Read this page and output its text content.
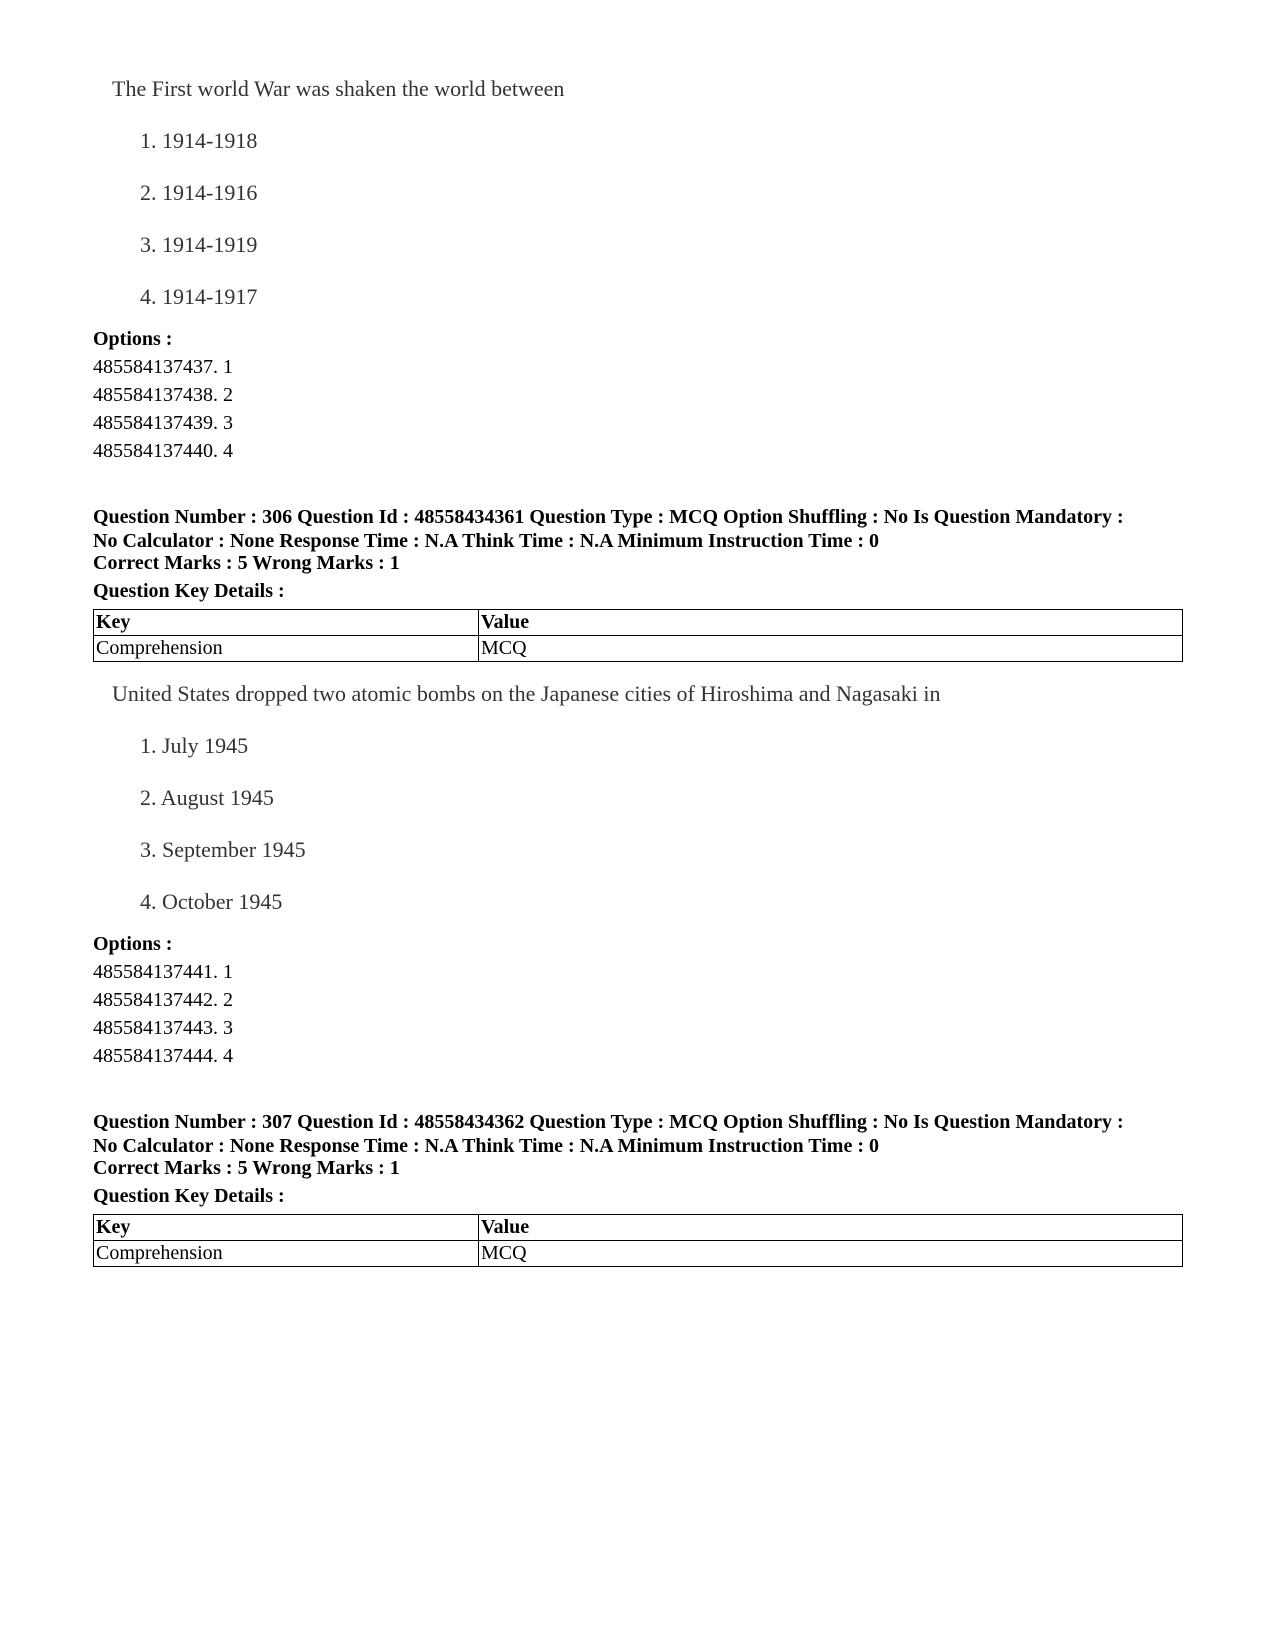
The First world War was shaken the world between
1. 1914-1918
2. 1914-1916
3. 1914-1919
4. 1914-1917
Options :
485584137437. 1
485584137438. 2
485584137439. 3
485584137440. 4
Question Number : 306 Question Id : 48558434361 Question Type : MCQ Option Shuffling : No Is Question Mandatory :
No Calculator : None Response Time : N.A Think Time : N.A Minimum Instruction Time : 0
Correct Marks : 5 Wrong Marks : 1
Question Key Details :
Key	Value
Comprehension	MCQ
United States dropped two atomic bombs on the Japanese cities of Hiroshima and Nagasaki in
1. July 1945
2. August 1945
3. September 1945
4. October 1945
Options :
485584137441. 1
485584137442. 2
485584137443. 3
485584137444. 4
Question Number : 307 Question Id : 48558434362 Question Type : MCQ Option Shuffling : No Is Question Mandatory :
No Calculator : None Response Time : N.A Think Time : N.A Minimum Instruction Time : 0
Correct Marks : 5 Wrong Marks : 1
Question Key Details :
Key	Value
Comprehension	MCQ
